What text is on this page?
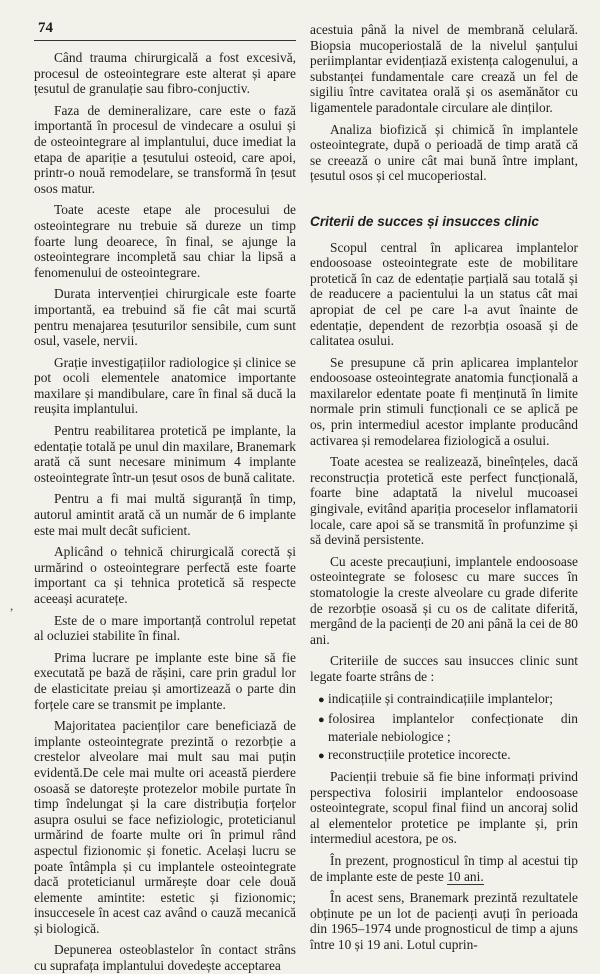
74

,

Când trauma chirurgicală a fost excesivă, procesul de osteointegrare este alterat și apare țesutul de granulație sau fibro-conjuctiv.

Faza de demineralizare, care este o fază importantă în procesul de vindecare a osului și de osteointegrare al implantului, duce imediat la etapa de apariție a țesutului osteoid, care apoi, printr-o nouă remodelare, se transformă în țesut osos matur.

Toate aceste etape ale procesului de osteointegrare nu trebuie să dureze un timp foarte lung deoarece, în final, se ajunge la osteointegrare incompletă sau chiar la lipsă a fenomenului de osteointegrare.

Durata intervenției chirurgicale este foarte importantă, ea trebuind să fie cât mai scurtă pentru menajarea țesuturilor sensibile, cum sunt osul, vasele, nervii.

Grație investigațiilor radiologice și clinice se pot ocoli elementele anatomice importante maxilare și mandibulare, care în final să ducă la reușita implantului.

Pentru reabilitarea protetică pe implante, la edentație totală pe unul din maxilare, Branemark arată că sunt necesare minimum 4 implante osteointegrate într-un țesut osos de bună calitate.

Pentru a fi mai multă siguranță în timp, autorul amintit arată că un număr de 6 implante este mai mult decât suficient.

Aplicând o tehnică chirurgicală corectă și urmărind o osteointegrare perfectă este foarte important ca și tehnica protetică să respecte aceeași acuratețe.

Este de o mare importanță controlul repetat al ocluziei stabilite în final.

Prima lucrare pe implante este bine să fie executată pe bază de rășini, care prin gradul lor de elasticitate preiau și amortizează o parte din forțele care se transmit pe implante.

Majoritatea pacienților care beneficiază de implante osteointegrate prezintă o rezorbție a crestelor alveolare mai mult sau mai puțin evidentă.De cele mai multe ori această pierdere osoasă se datorește protezelor mobile purtate în timp îndelungat și la care distribuția forțelor asupra osului se face nefiziologic, protetic​ianul urmărind de foarte multe ori în primul rând aspectul fizionomic și fonetic. Același lucru se poate întâmpla și cu implantele osteointegrate dacă protetic​ianul urmărește doar cele două elemente amintite: estetic și fizionomic; insuccesele în acest caz având o cauză mecanică și biologică.

Depunerea osteoblastelor în contact strâns cu suprafața implantului dovedește acceptarea

acestuia până la nivel de membrană celulară. Biopsia mucoperiostală de la nivelul șanțului periimplantar evidențiază existența calogenului, a substanței fundamentale care crează un fel de sigiliu între cavitatea orală și os asemănător cu ligamentele paradontale circulare ale dinților.

Analiza biofizică și chimică în implantele osteointegrate, după o perioadă de timp arată că se creează o unire cât mai bună între implant, țesutul osos și cel mucoperiostal.

Criterii de succes și insucces clinic

Scopul central în aplicarea implantelor endoosoase osteointegrate este de mobilitare protetică în caz de edentație parțială sau totală și de readucere a pacientului la un status cât mai apropiat de cel pe care l-a avut înainte de edentație, dependent de rezorbția osoasă și de calitatea osului.

Se presupune că prin aplicarea implantelor endoosoase osteointegrate anatomia funcțională a maxilarelor edentate poate fi menținută în limite normale prin stimuli funcționali ce se aplică pe os, prin intermediul acestor implante producând activarea și remodelarea fiziologică a osului.

Toate acestea se realizează, bineînțeles, dacă reconstrucția protetică este perfect funcțională, foarte bine adaptată la nivelul mucoasei gingivale, evitând apariția proceselor inflamatorii locale, care apoi să se transmită în profunzime și să devină persistente.

Cu aceste precauțiuni, implantele endoosoase osteointegrate se folosesc cu mare succes în stomatologie la creste alveolare cu grade diferite de rezorbție osoasă și cu os de calitate diferită, mergând de la pacienți de 20 ani până la cei de 80 ani.

Criteriile de succes sau insucces clinic sunt legate foarte strâns de :

● indicațiile și contraindicațiile implantelor;
● folosirea implantelor confecționate din materiale nebiologice ;
● reconstrucțiile protetice incorecte.

Pacienții trebuie să fie bine informați privind perspectiva folosirii implantelor endoosoase osteointegrate, scopul final fiind un ancoraj solid al elementelor protetice pe implante și, prin intermediul acestora, pe os.

În prezent, prognosticul în timp al acestui tip de implante este de peste 10 ani.

În acest sens, Branemark prezintă rezultatele obținute pe un lot de pacienți avuți în perioada din 1965–1974 unde prognosticul de timp a ajuns între 10 și 19 ani. Lotul cuprin-
